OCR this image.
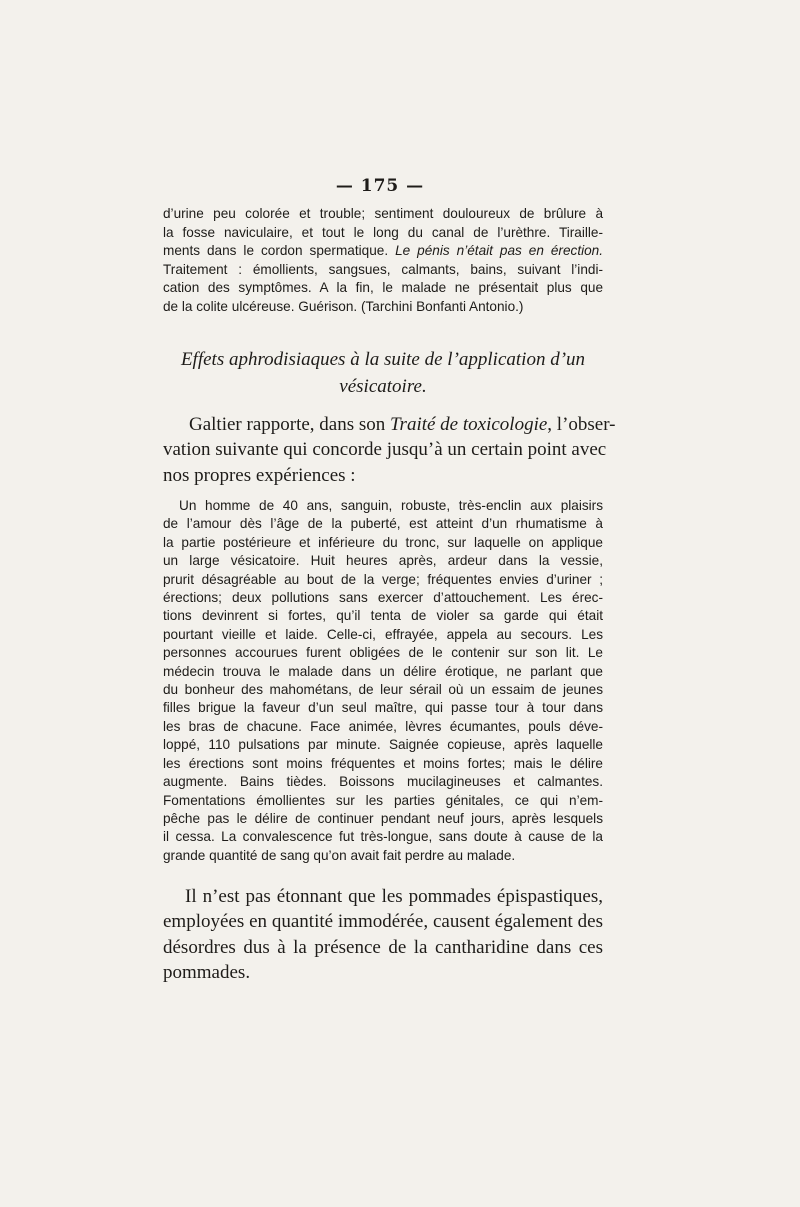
— 175 —
d’urine peu colorée et trouble; sentiment douloureux de brûlure à
la fosse naviculaire, et tout le long du canal de l’urèthre. Tiraille-
ments dans le cordon spermatique. Le pénis n’était pas en érection.
Traitement : émollients, sangsues, calmants, bains, suivant l’indi-
cation des symptômes. A la fin, le malade ne présentait plus que
de la colite ulcéreuse. Guérison. (Tarchini Bonfanti Antonio.)
Effets aphrodisiaques à la suite de l’application d’un
vésicatoire.
Galtier rapporte, dans son Traité de toxicologie, l’obser-
vation suivante qui concorde jusqu’à un certain point avec
nos propres expériences :
Un homme de 40 ans, sanguin, robuste, très-enclin aux plaisirs
de l’amour dès l’âge de la puberté, est atteint d’un rhumatisme à
la partie postérieure et inférieure du tronc, sur laquelle on applique
un large vésicatoire. Huit heures après, ardeur dans la vessie,
prurit désagréable au bout de la verge; fréquentes envies d’uriner ;
érections; deux pollutions sans exercer d’attouchement. Les érec-
tions devinrent si fortes, qu’il tenta de violer sa garde qui était
pourtant vieille et laide. Celle-ci, effrayée, appela au secours. Les
personnes accourues furent obligées de le contenir sur son lit. Le
médecin trouva le malade dans un délire érotique, ne parlant que
du bonheur des mahométans, de leur sérail où un essaim de jeunes
filles brigue la faveur d’un seul maître, qui passe tour à tour dans
les bras de chacune. Face animée, lèvres écumantes, pouls déve-
loppé, 110 pulsations par minute. Saignée copieuse, après laquelle
les érections sont moins fréquentes et moins fortes; mais le délire
augmente. Bains tièdes. Boissons mucilagineuses et calmantes.
Fomentations émollientes sur les parties génitales, ce qui n’em-
pêche pas le délire de continuer pendant neuf jours, après lesquels
il cessa. La convalescence fut très-longue, sans doute à cause de la
grande quantité de sang qu’on avait fait perdre au malade.
Il n’est pas étonnant que les pommades épispastiques,
employées en quantité immodérée, causent également des
désordres dus à la présence de la cantharidine dans ces
pommades.
